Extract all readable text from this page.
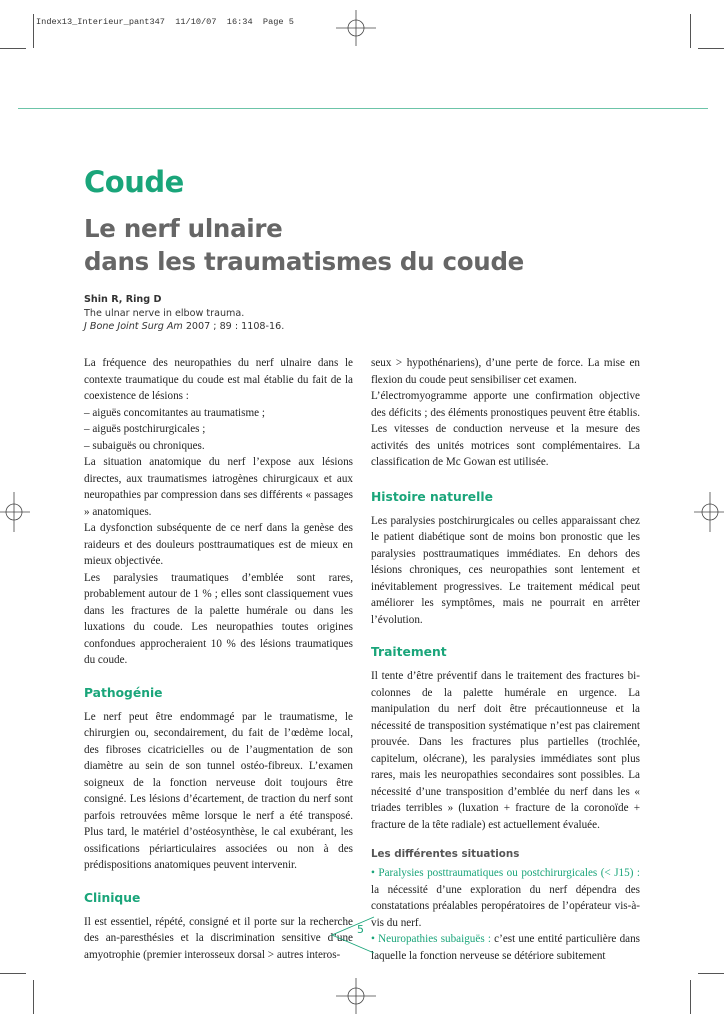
Index13_Interieur_pant347  11/10/07  16:34  Page 5
Coude
Le nerf ulnaire
dans les traumatismes du coude
Shin R, Ring D
The ulnar nerve in elbow trauma.
J Bone Joint Surg Am 2007 ; 89 : 1108-16.

La fréquence des neuropathies du nerf ulnaire dans le contexte traumatique du coude est mal établie du fait de la coexistence de lésions :

– aiguës concomitantes au traumatisme ;

– aiguës postchirurgicales ;

– subaiguës ou chroniques.

La situation anatomique du nerf l’expose aux lésions directes, aux traumatismes iatrogènes chirurgicaux et aux neuropathies par compression dans ses différents « passages » anatomiques.

La dysfonction subséquente de ce nerf dans la genèse des raideurs et des douleurs posttraumatiques est de mieux en mieux objectivée.

Les paralysies traumatiques d’emblée sont rares, probablement autour de 1 % ; elles sont classiquement vues dans les fractures de la palette humérale ou dans les luxations du coude. Les neuropathies toutes origines confondues approcheraient 10 % des lésions traumatiques du coude.

Pathogénie

Le nerf peut être endommagé par le traumatisme, le chirurgien ou, secondairement, du fait de l’œdème local, des fibroses cicatricielles ou de l’augmentation de son diamètre au sein de son tunnel ostéo-fibreux. L’examen soigneux de la fonction nerveuse doit toujours être consigné. Les lésions d’écartement, de traction du nerf sont parfois retrouvées même lorsque le nerf a été transposé. Plus tard, le matériel d’ostéosynthèse, le cal exubérant, les ossifications périarticulaires associées ou non à des prédispositions anatomiques peuvent intervenir.

Clinique

Il est essentiel, répété, consigné et il porte sur la recherche des an-paresthésies et la discrimination sensitive d’une amyotrophie (premier interosseux dorsal > autres interos-

seux > hypothénariens), d’une perte de force. La mise en flexion du coude peut sensibiliser cet examen.

L’électromyogramme apporte une confirmation objective des déficits ; des éléments pronostiques peuvent être établis. Les vitesses de conduction nerveuse et la mesure des activités des unités motrices sont complémentaires. La classification de Mc Gowan est utilisée.

Histoire naturelle

Les paralysies postchirurgicales ou celles apparaissant chez le patient diabétique sont de moins bon pronostic que les paralysies posttraumatiques immédiates. En dehors des lésions chroniques, ces neuropathies sont lentement et inévitablement progressives. Le traitement médical peut améliorer les symptômes, mais ne pourrait en arrêter l’évolution.

Traitement

Il tente d’être préventif dans le traitement des fractures bi-colonnes de la palette humérale en urgence. La manipulation du nerf doit être précautionneuse et la nécessité de transposition systématique n’est pas clairement prouvée. Dans les fractures plus partielles (trochlée, capitelum, olécrane), les paralysies immédiates sont plus rares, mais les neuropathies secondaires sont possibles. La nécessité d’une transposition d’emblée du nerf dans les « triades terribles » (luxation + fracture de la coronoïde + fracture de la tête radiale) est actuellement évaluée.

Les différentes situations

• Paralysies posttraumatiques ou postchirurgicales (< J15) : la nécessité d’une exploration du nerf dépendra des constatations préalables peropératoires de l’opérateur vis-à-vis du nerf.

• Neuropathies subaiguës : c’est une entité particulière dans laquelle la fonction nerveuse se détériore subitement

5
